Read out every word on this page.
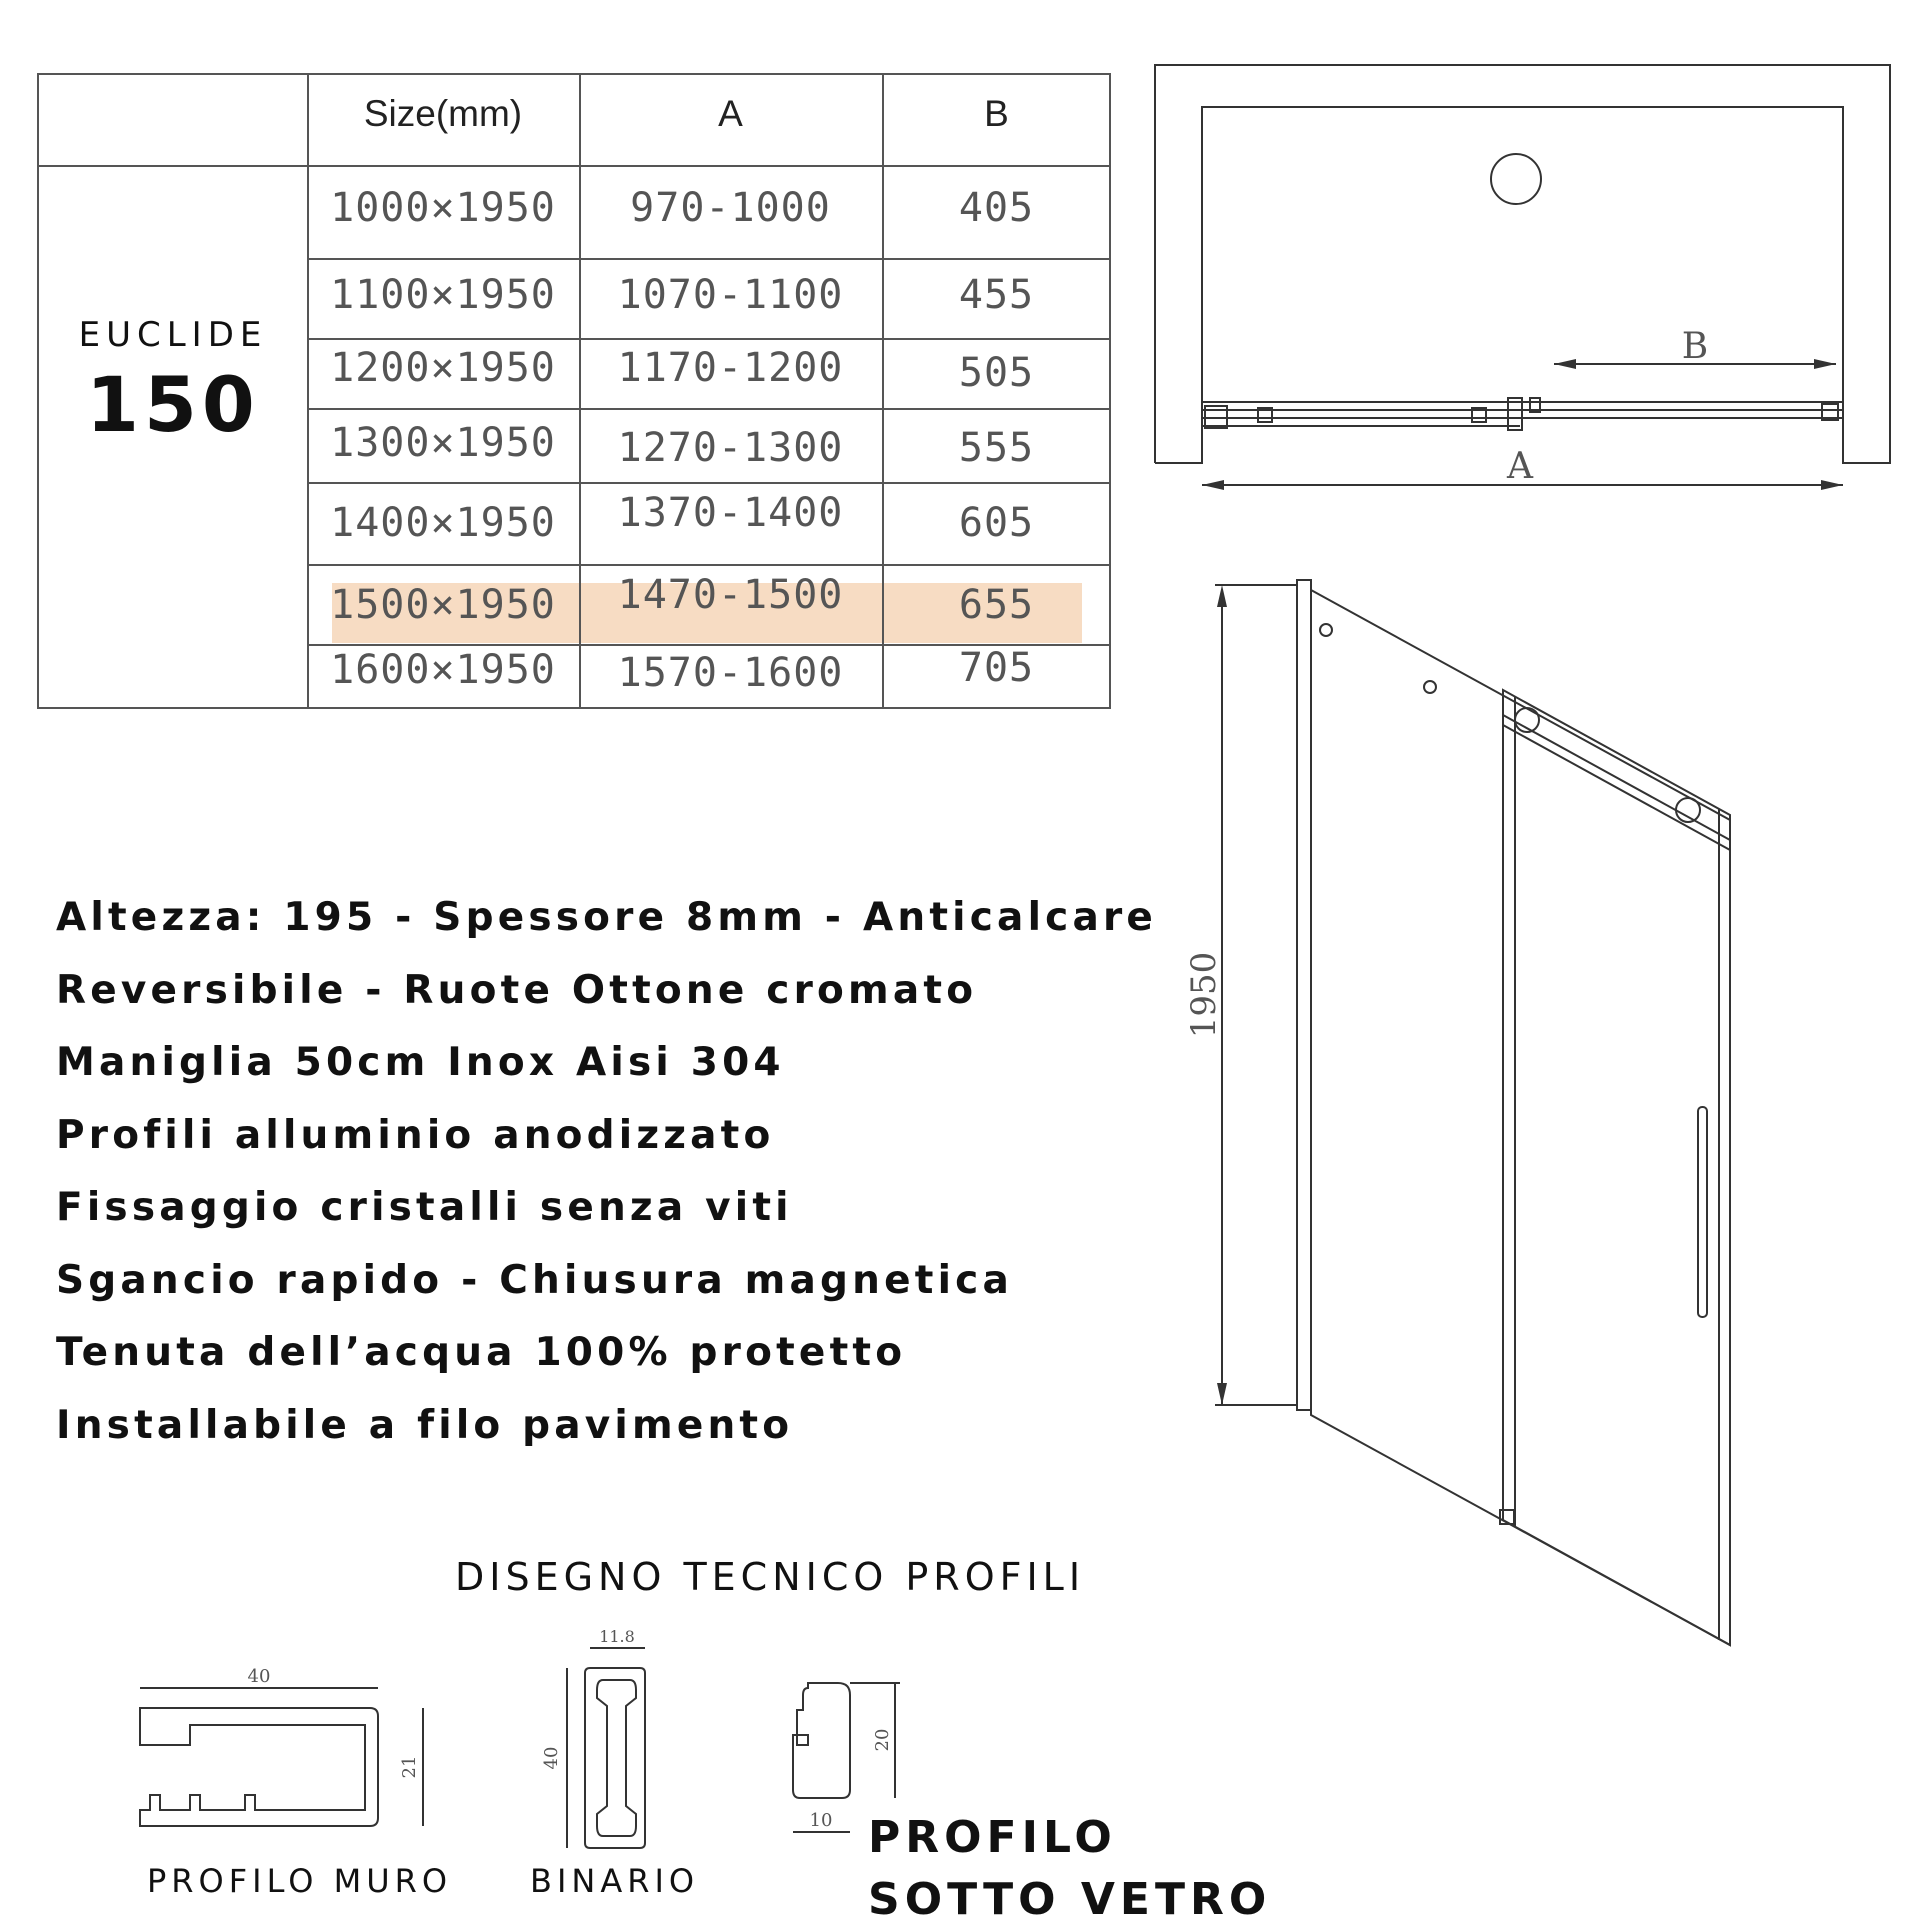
Size(mm)	A	B
EUCLIDE
150
1000×1950	970-1000	405
1100×1950	1070-1100	455
1200×1950	1170-1200	505
1300×1950	1270-1300	555
1400×1950	1370-1400	605
1500×1950	1470-1500	655
1600×1950	1570-1600	705
B
A
1950
Altezza: 195 - Spessore 8mm - Anticalcare
Reversibile - Ruote Ottone cromato
Maniglia 50cm Inox Aisi 304
Profili alluminio anodizzato
Fissaggio cristalli senza viti
Sgancio rapido - Chiusura magnetica
Tenuta dell’acqua 100% protetto
Installabile a filo pavimento
DISEGNO TECNICO PROFILI
40
21
PROFILO MURO
11.8
40
BINARIO
20
10 PROFILO
SOTTO VETRO
